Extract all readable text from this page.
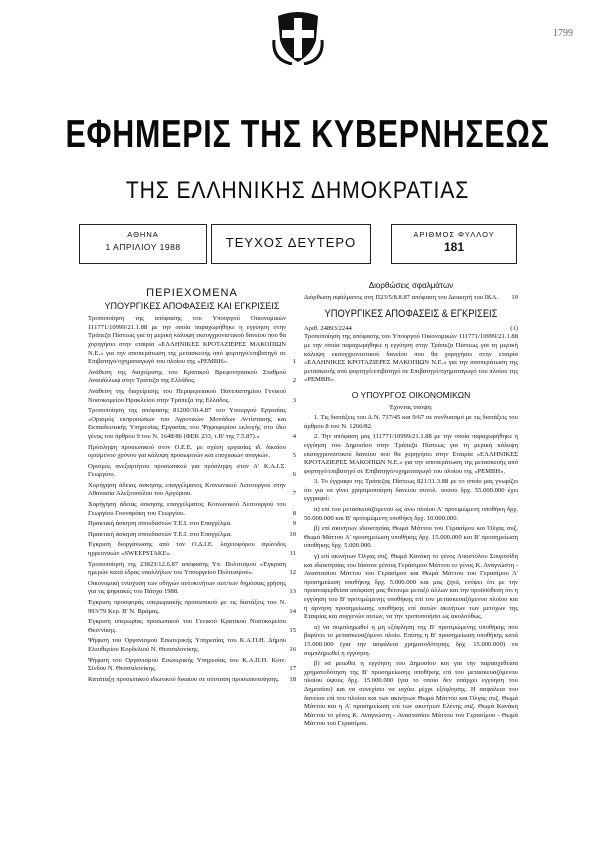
1799
ΕΦΗΜΕΡΙΣ ΤΗΣ ΚΥΒΕΡΝΗΣΕΩΣ
ΤΗΣ ΕΛΛΗΝΙΚΗΣ ΔΗΜΟΚΡΑΤΙΑΣ
ΑΘΗΝΑ
1 ΑΠΡΙΛΙΟΥ 1988	ΤΕΥΧΟΣ ΔΕΥΤΕΡΟ
ΑΡΙΘΜΟΣ ΦΥΛΛΟΥ
181
ΠΕΡΙΕΧΟΜΕΝΑ
ΥΠΟΥΡΓΙΚΕΣ ΑΠΟΦΑΣΕΙΣ ΚΑΙ ΕΓΚΡΙΣΕΙΣ
Τροποποίηση της απόφασης του Υπουργού Οικονομικών 111771/10999/21.1.88 με την οποία παραχωρήθηκε η εγγύηση στην Τράπεζα Πίστεως για τη μερική κάλυψη εκσυγχρονιστικού δανείου που θα χορηγήσει στην εταιρία «ΕΛΛΗΝΙΚΕΣ ΚΡΟΤΑΖΙΕΡΕΣ ΜΑΚΟΠΙΩΝ Ν.Ε.» για την αποπεράτωση της μετασκευής από φορτηγό/επιβατηγό σε Επιβατηγό/οχηματαγωγό του πλοίου της «ΡΕΜΒΗ».	1
Ανάθεση της διαχείρισης του Κρατικού Βρεφονηπιακού Σταθμού Αναυάλλωψ στην Τράπεζα της Ελλάδος.	2
Ανάθεση της διαχείρισης του Περιφερειακού Πανεπιστημίου Γενικού Νοσοκομείου Ηρακλείου στην Τράπεζα της Ελλάδος.	3
Τροποποίηση της απόφασης 81200/30.4.87 του Υπουργού Εργασίας «Ορισμός εκπροσώπων του Αγροτικών Μονάδων Αντίστασης και Εκπαιδευτικής Υπηρεσίας Εργασίας του Ψηφοφορίου εκλογής στο ίδιο γένος του άρθρου 9 του Ν. 1648/86 (ΦΕΚ 233, τ.Β' της 7.5.87).»	4
Πρόσληψη προσωπικού στον Ο.Ε.Ε. με σχέση εργασίας ιδ. δικαίου ορισμένου χρόνου για κάλυψη προσωρινών και εποχιακών αναγκών.	5
Ορισμός ανεξαρτήτου προσωπικού για πρόσληψη στον Α' Κ.Α.Ι.Σ. Γεωργίου.	6
Χορήγηση άδειας άσκησης επαγγέλματος Κοινωνικού Λειτουργού στην Αθανασία Αλεξοπούλου του Αργύριου.	7
Χορήγηση άδειας άσκησης επαγγέλματος Κοινωνικού Λειτουργού του Γεωργίου Γουναράκη του Γεωργίου.	8
Πρακτική άσκηση σπουδαστών Τ.Ε.Ι. στο Επαγγέλμα.	9
Πρακτική άσκηση σπουδαστών Τ.Ε.Ι. στο Επαγγέλμα.	10
Έγκριση διοργάνωσης από τον Ο.Δ.Ι.Ε. λαχειοφόρου αγώνιδος ηρρεονικών «SWEEPSTAKE».	11
Τροποποίηση της 23823/12.6.87 απόφασης Υπ. Πολιτισμού «Έγκριση ημερών κατά έδρας υπαλλήλων του Υπουργείου Πολιτισμού».	12
Οικονομική ενίσχυση των οδηγών αυτοκινήτων αυτ/των δημόσιας χρήσης για τις ψηφιακές του Πάσχα 1988.	13
Έγκριση προσφοράς υπερωριακής προσωπικού με τις διατάξεις του Ν. 993/79 Κερ. Β' Ν. Βράμας.	14
Έγκριση υπερωρίας προσωπικού του Γενικού Κρατικού Νοσοκομείου Θεσ/νίκης.	15
Ψήφιση του Οργανισμού Εσωτερικής Υπηρεσίας του Κ.Α.Π.Η. Δήμου Ελευθερίου Κορδελιού Ν. Θεσσαλονίκης.	16
Ψήφιση του Οργανισμού Εσωτερικής Υπηρεσίας του Κ.Α.Π.Η. Κοιν. Σίνδου Ν. Θεσσαλονίκης.	17
Κατάταξη προσωπικού ιδιωτικού δικαίου σε σύσταση προσωποποίησης.	18
Διορθώσεις σφαλμάτων
Διόρθωση σφάλματος στη Π23/5/8.8.87 απόφαση του Διοικητή του ΙΚΑ.	19
ΥΠΟΥΡΓΙΚΕΣ ΑΠΟΦΑΣΕΙΣ & ΕΓΚΡΙΣΕΙΣ
Αριθ. 24893/2244	(1)
Τροποποίηση της απόφασης του Υπουργού Οικονομικών 111771/10999/21.1.88 με την οποία παραχωρήθηκε η εγγύηση στην Τράπεζα Πίστεως για τη μερική κάλυψη εκσυγχρονιστικού δανείου που θα χορηγήσει στην εταιρία «ΕΛΛΗΝΙΚΕΣ ΚΡΟΤΑΖΙΕΡΕΣ ΜΑΚΟΠΙΩΝ Ν.Ε.» για την αποπεράτωση της μετασκευής από φορτηγό/επιβατηγό σε Επιβατηγό/οχηματαγωγό του πλοίου της «ΡΕΜΒΗ».
Ο ΥΠΟΥΡΓΟΣ ΟΙΚΟΝΟΜΙΚΩΝ
Έχοντας υπόψη:
1. Τις διατάξεις του Α.Ν. 737/45 και 9/67 σε συνδυασμό με τις διατάξεις του άρθρου 8 του Ν. 1266/82.
2. Την απόφαση μας 111771/10999/21.1.88 με την οποία παραχωρήθηκε η εγγύηση του Δημοσίου στην Τράπεζα Πίστεως για τη μερική κάλυψη εκσυγχρονιστικού δανείου που θα χορηγήσει στην Εταιρία «ΕΛΛΗΝΙΚΕΣ ΚΡΟΤΑΖΙΕΡΕΣ ΜΑΚΟΠΙΩΝ Ν.Ε.» για την αποπεράτωση της μετασκευής από φορτηγό/επιβατηγό σε Επιβατηγό/οχηματαγωγό του πλοίου της «ΡΕΜΒΗ».
3. Το έγγραφο της Τράπεζας Πίστεως 821/11.3.88 με το οποίο μας γνωρίζει ότι για να γίνει χρησιμοποίηση δανείου συνολ. ποσού δρχ. 55.000.000 έχει εγγραφεί:
α) επί του μετασκευαζόμενου ως άνω πλοίου Α' προτιμώμενη υποθήκη δρχ. 50.000.000 και Β' προτιμώμενη υποθήκη δρχ. 10.000.000.
β) επί ακινήτων ιδιοκτησίας Θωμά Μάττου του Γερασίμου και Όλγας συζ. Θωμά Μάττου Α' προσημείωση υποθήκης δρχ. 15.000.000 και Β' προσημείωση υποθήκης δρχ. 5.000.000.
γ) επί ακινήτων Όλγας συζ. Θωμά Κανάκη το γένος Αποστόλου Σουρτσίδη και ιδιοκτησίας του Ιάσονα γένους Γεράσιμου Μάττου το γένος Κ. Αναγνώστη - Αναστασίου Μάττου του Γερασίμου και Θωμά Μάττου του Γερασίμου Α' προσημείωση υποθήκης δρχ. 5.000.000 και μας ζητά, ενόψει ότι με την προαναφερθείσα απόφαση μας θέτουμε μεταξύ άλλων και την προϋπόθεση ότι η εγγύηση του Β' προτιμώμενης υποθήκης επί του μετασκευαζόμενου πλοίου και η άρνηση προσημείωσης υποθήκης επί αυτών ακινήτων των μετόχων της Εταιρίας και συγγενών αυτών, να την τροποποιήσει ως ακολούθως.
α) να συμπληρωθεί η μη εξόφληση της Β' προτιμώμενης υποθήκης που βαρύνει το μετασκευαζόμενο πλοίο. Επίσης η Β' προσημείωση υποθήκης κατά 15.000.000 (για την ασφάλεια χρηματοδότησης δρχ. 15.000.000) να συμπληρωθεί η εγγύηση.
β) να μειωθεί η εγγύηση του Δημοσίου και για την παρασχεθείσα χρηματοδότηση της Β' προσημείωσης υποθήκης επί του μετασκευαζόμενου πλοίου ύψους δρχ. 15.000.000 (για το οποίο δεν υπάρχει εγγύηση του Δημοσίου) και να συνεχίσει να ισχύει μέχρι εξόφλησης. Η ασφάλεια του δανείου επί του πλοίου και των ακινήτων Θωμά Μάττου και Όλγας συζ. Θωμά Μάττου και η Α' προσημείωση επί των ακινήτων Ελένης συζ. Θωμά Κανάκη Μάττου το γένος Κ. Αναγνώστη - Αναστασίου Μάττου του Γερασίμου - Θωμά Μάττου του Γερασίμου.
